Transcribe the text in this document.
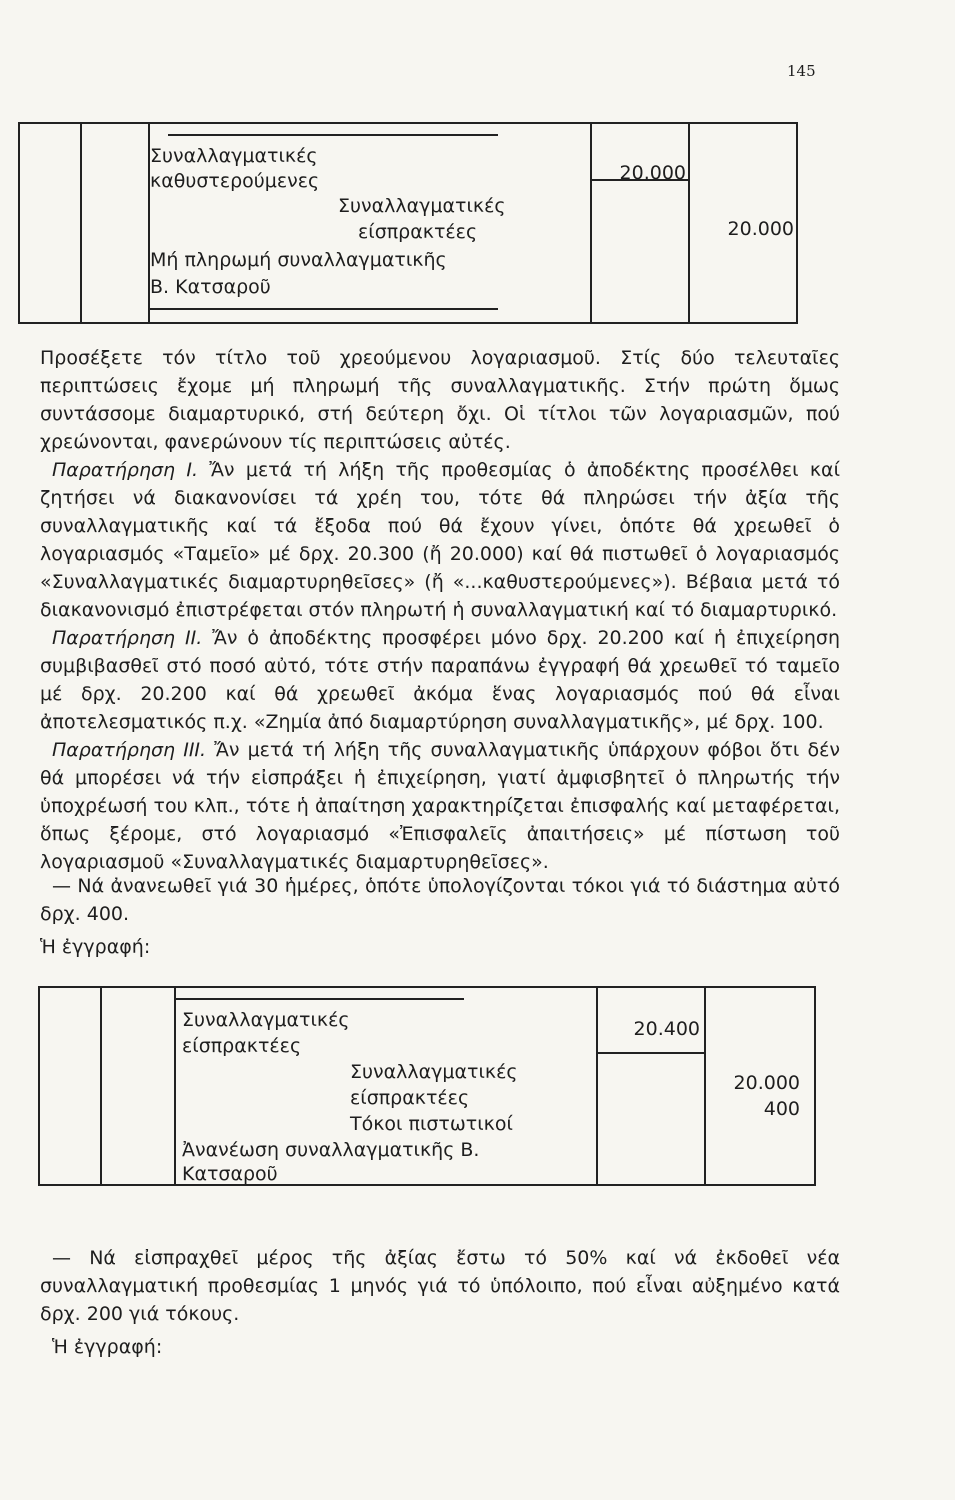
145
Συναλλαγματικές
καθυστερούμενες
Συναλλαγματικές
είσπρακτέες
Μή πληρωμή συναλλαγματικῆς
Β. Κατσαροῦ
20.000
20.000

Προσέξετε τόν τίτλο τοῦ χρεούμενου λογαριασμοῦ. Στίς δύο τελευταῖες περιπτώσεις ἔχομε μή πληρωμή τῆς συναλλαγματικῆς. Στήν πρώτη ὅμως συντάσσομε διαμαρτυρικό, στή δεύτερη ὄχι. Οἱ τίτλοι τῶν λογαριασμῶν, πού χρεώνονται, φανερώνουν τίς περιπτώσεις αὐτές.

Παρατήρηση Ι. Ἄν μετά τή λήξη τῆς προθεσμίας ὁ ἀποδέκτης προσέλθει καί ζητήσει νά διακανονίσει τά χρέη του, τότε θά πληρώσει τήν ἀξία τῆς συναλλαγματικῆς καί τά ἔξοδα πού θά ἔχουν γίνει, ὁπότε θά χρεωθεῖ ὁ λογαριασμός «Ταμεῖο» μέ δρχ. 20.300 (ἤ 20.000) καί θά πιστωθεῖ ὁ λογαριασμός «Συναλλαγματικές διαμαρτυρηθεῖσες» (ἤ «...καθυστερούμενες»). Βέβαια μετά τό διακανονισμό ἐπιστρέφεται στόν πληρωτή ἡ συναλλαγματική καί τό διαμαρτυρικό.

Παρατήρηση ΙΙ. Ἄν ὁ ἀποδέκτης προσφέρει μόνο δρχ. 20.200 καί ἡ ἐπιχείρηση συμβιβασθεῖ στό ποσό αὐτό, τότε στήν παραπάνω ἐγγραφή θά χρεωθεῖ τό ταμεῖο μέ δρχ. 20.200 καί θά χρεωθεῖ ἀκόμα ἕνας λογαριασμός πού θά εἶναι ἀποτελεσματικός π.χ. «Ζημία ἀπό διαμαρτύρηση συναλλαγματικῆς», μέ δρχ. 100.

Παρατήρηση ΙΙΙ. Ἄν μετά τή λήξη τῆς συναλλαγματικῆς ὑπάρχουν φόβοι ὅτι δέν θά μπορέσει νά τήν εἰσπράξει ἡ ἐπιχείρηση, γιατί ἀμφισβητεῖ ὁ πληρωτής τήν ὑποχρέωσή του κλπ., τότε ἡ ἀπαίτηση χαρακτηρίζεται ἐπισφαλής καί μεταφέρεται, ὅπως ξέρομε, στό λογαριασμό «Ἐπισφαλεῖς ἀπαιτήσεις» μέ πίστωση τοῦ λογαριασμοῦ «Συναλλαγματικές διαμαρτυρηθεῖσες».

— Νά ἀνανεωθεῖ γιά 30 ἡμέρες, ὁπότε ὑπολογίζονται τόκοι γιά τό διάστημα αὐτό δρχ. 400.

Ἡ ἐγγραφή:
Συναλλαγματικές
είσπρακτέες
Συναλλαγματικές
είσπρακτέες
Τόκοι πιστωτικοί
Ἀνανέωση συναλλαγματικῆς Β.
Κατσαροῦ
20.400
20.000
400

— Νά εἰσπραχθεῖ μέρος τῆς ἀξίας ἔστω τό 50% καί νά ἐκδοθεῖ νέα συναλλαγματική προθεσμίας 1 μηνός γιά τό ὑπόλοιπο, πού εἶναι αὐξημένο κατά δρχ. 200 γιά τόκους.

Ἡ ἐγγραφή:
